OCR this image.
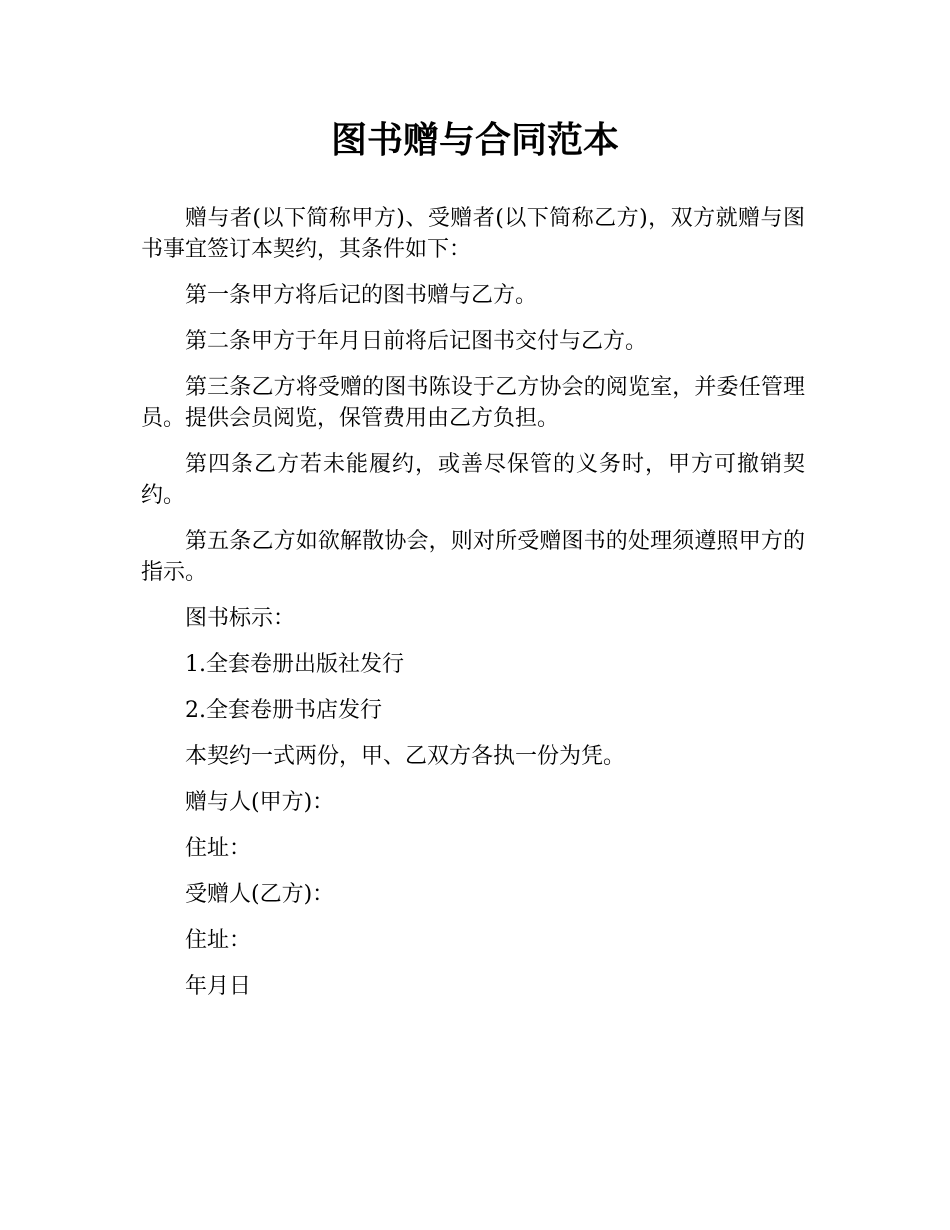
图书赠与合同范本

赠与者(以下简称甲方)、受赠者(以下简称乙方)，双方就赠与图书事宜签订本契约，其条件如下：

第一条甲方将后记的图书赠与乙方。

第二条甲方于年月日前将后记图书交付与乙方。

第三条乙方将受赠的图书陈设于乙方协会的阅览室，并委任管理员。提供会员阅览，保管费用由乙方负担。

第四条乙方若未能履约，或善尽保管的义务时，甲方可撤销契约。

第五条乙方如欲解散协会，则对所受赠图书的处理须遵照甲方的指示。

图书标示：

1.全套卷册出版社发行

2.全套卷册书店发行

本契约一式两份，甲、乙双方各执一份为凭。

赠与人(甲方)：

住址：

受赠人(乙方)：

住址：

年月日
